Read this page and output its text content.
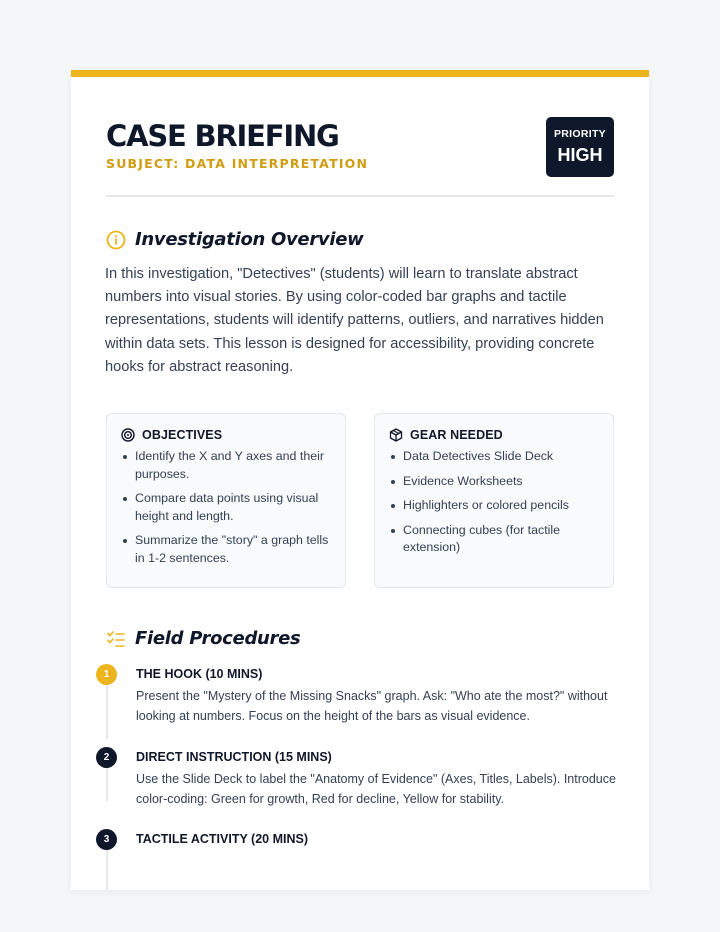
CASE BRIEFING
SUBJECT: DATA INTERPRETATION
PRIORITY
HIGH
Investigation Overview

In this investigation, "Detectives" (students) will learn to translate abstract numbers into visual stories. By using color-coded bar graphs and tactile representations, students will identify patterns, outliers, and narratives hidden within data sets. This lesson is designed for accessibility, providing concrete hooks for abstract reasoning.

OBJECTIVES
Identify the X and Y axes and their purposes.
Compare data points using visual height and length.
Summarize the "story" a graph tells in 1-2 sentences.
GEAR NEEDED
Data Detectives Slide Deck
Evidence Worksheets
Highlighters or colored pencils
Connecting cubes (for tactile extension)
Field Procedures
1	THE HOOK (10 MINS)
Present the "Mystery of the Missing Snacks" graph. Ask: "Who ate the most?" without looking at numbers. Focus on the height of the bars as visual evidence.
2	DIRECT INSTRUCTION (15 MINS)
Use the Slide Deck to label the "Anatomy of Evidence" (Axes, Titles, Labels). Introduce color-coding: Green for growth, Red for decline, Yellow for stability.
3	TACTILE ACTIVITY (20 MINS)
